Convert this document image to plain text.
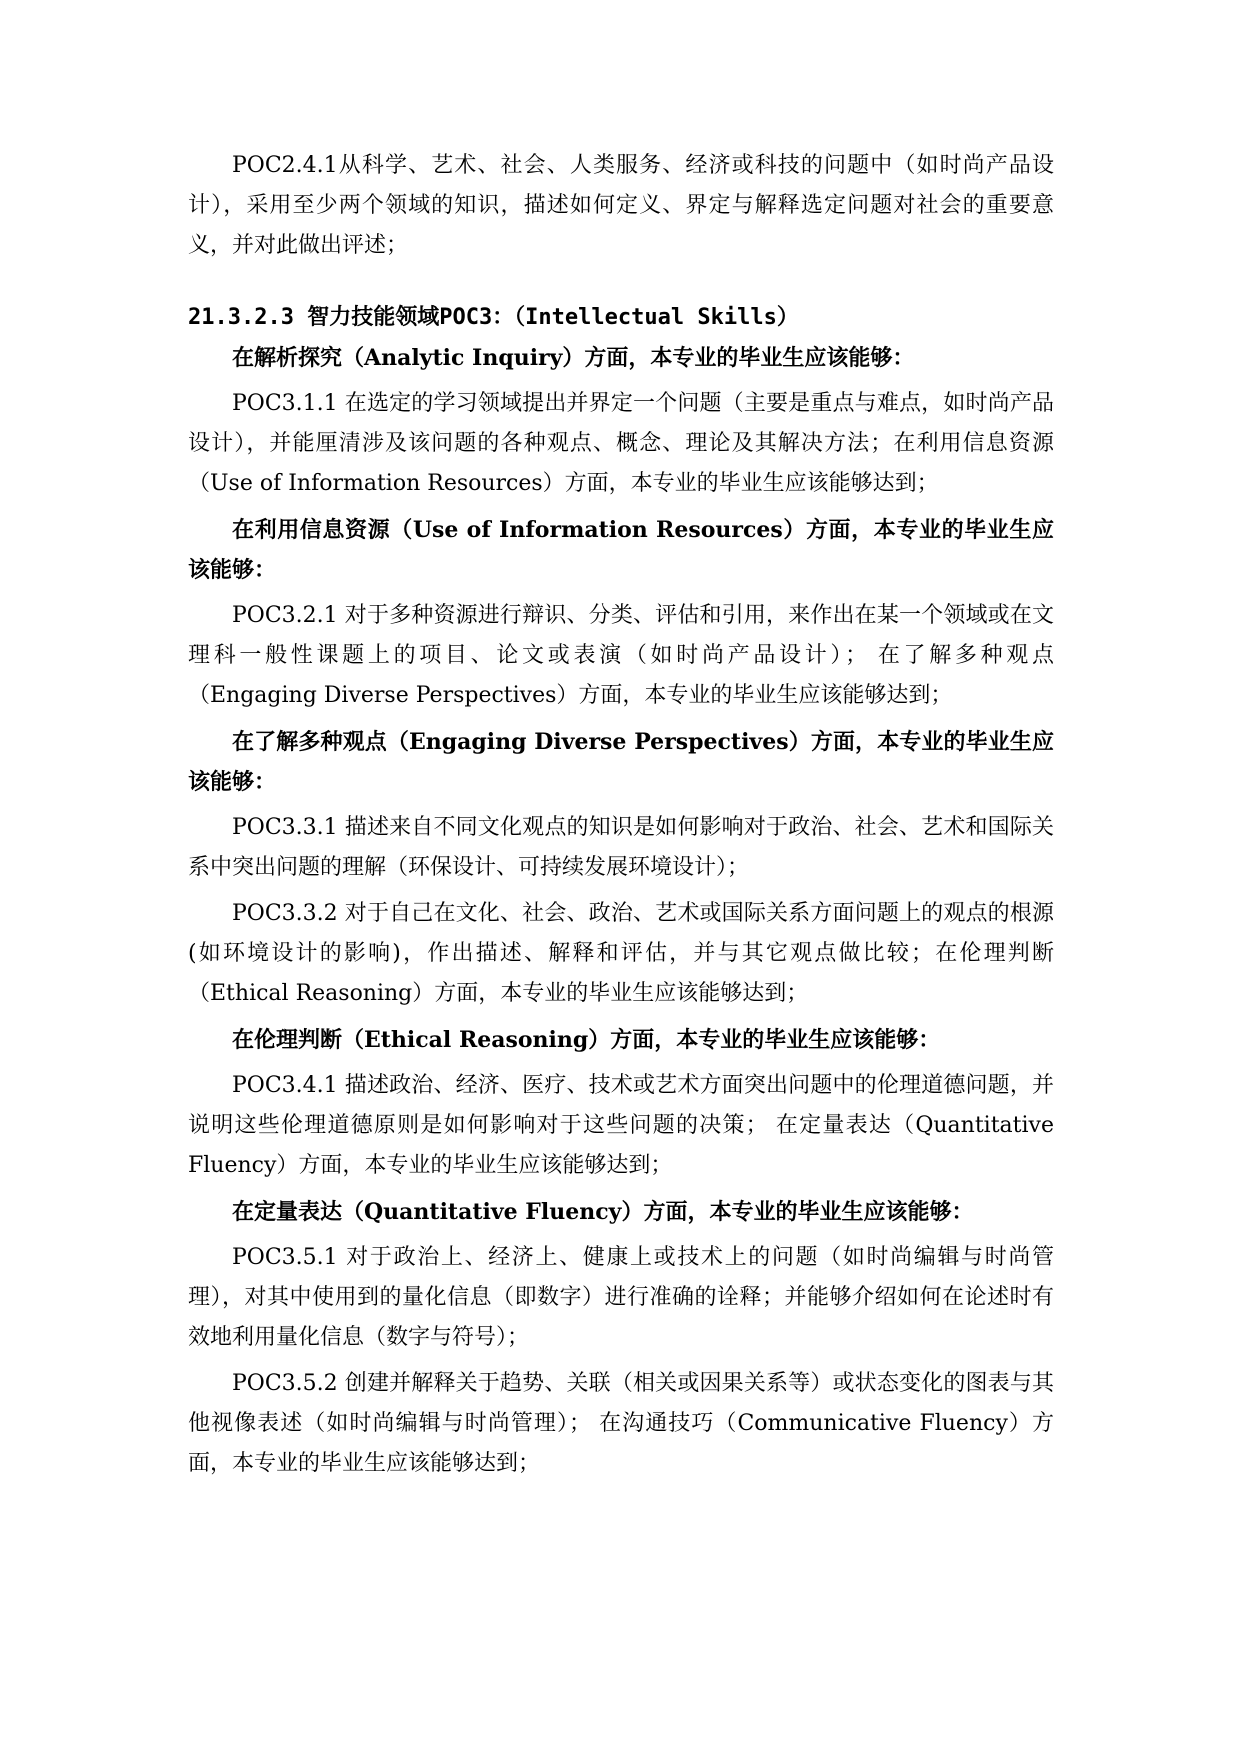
POC2.4.1从科学、艺术、社会、人类服务、经济或科技的问题中（如时尚产品设计），采用至少两个领域的知识，描述如何定义、界定与解释选定问题对社会的重要意义，并对此做出评述；

21.3.2.3 智力技能领域POC3：（Intellectual Skills）

在解析探究（Analytic Inquiry）方面，本专业的毕业生应该能够：

POC3.1.1 在选定的学习领域提出并界定一个问题（主要是重点与难点，如时尚产品设计），并能厘清涉及该问题的各种观点、概念、理论及其解决方法；在利用信息资源（Use of Information Resources）方面，本专业的毕业生应该能够达到；

在利用信息资源（Use of Information Resources）方面，本专业的毕业生应该能够：

POC3.2.1 对于多种资源进行辩识、分类、评估和引用，来作出在某一个领域或在文理科一般性课题上的项目、论文或表演（如时尚产品设计）； 在了解多种观点（Engaging Diverse Perspectives）方面，本专业的毕业生应该能够达到；

在了解多种观点（Engaging Diverse Perspectives）方面，本专业的毕业生应该能够：

POC3.3.1 描述来自不同文化观点的知识是如何影响对于政治、社会、艺术和国际关系中突出问题的理解（环保设计、可持续发展环境设计）；

POC3.3.2 对于自己在文化、社会、政治、艺术或国际关系方面问题上的观点的根源(如环境设计的影响)，作出描述、解释和评估，并与其它观点做比较；在伦理判断（Ethical Reasoning）方面，本专业的毕业生应该能够达到；

在伦理判断（Ethical Reasoning）方面，本专业的毕业生应该能够：

POC3.4.1 描述政治、经济、医疗、技术或艺术方面突出问题中的伦理道德问题，并说明这些伦理道德原则是如何影响对于这些问题的决策； 在定量表达（Quantitative Fluency）方面，本专业的毕业生应该能够达到；

在定量表达（Quantitative Fluency）方面，本专业的毕业生应该能够：

POC3.5.1 对于政治上、经济上、健康上或技术上的问题（如时尚编辑与时尚管理），对其中使用到的量化信息（即数字）进行准确的诠释；并能够介绍如何在论述时有效地利用量化信息（数字与符号）；

POC3.5.2 创建并解释关于趋势、关联（相关或因果关系等）或状态变化的图表与其他视像表述（如时尚编辑与时尚管理）； 在沟通技巧（Communicative Fluency）方面，本专业的毕业生应该能够达到；
